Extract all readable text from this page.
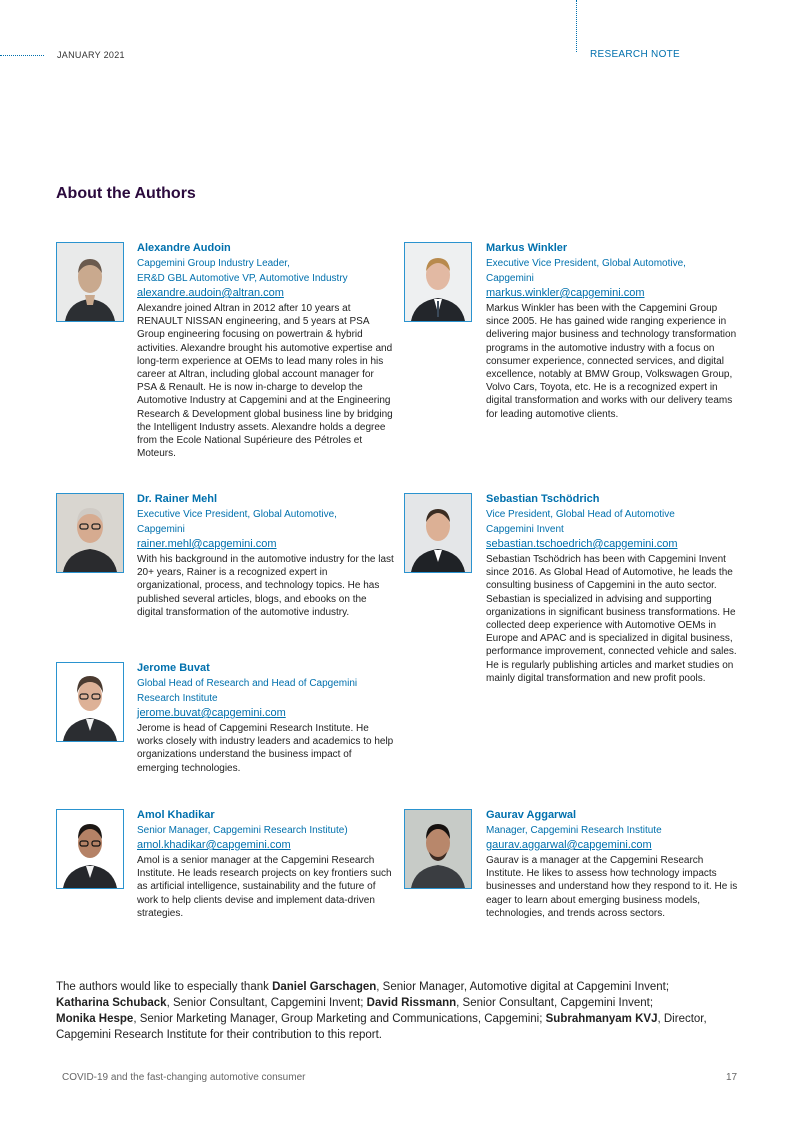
JANUARY 2021	RESEARCH NOTE
About the Authors
Alexandre Audoin
Capgemini Group Industry Leader,
ER&D GBL Automotive VP, Automotive Industry
alexandre.audoin@altran.com
Alexandre joined Altran in 2012 after 10 years at RENAULT NISSAN engineering, and 5 years at PSA Group engineering focusing on powertrain & hybrid activities. Alexandre brought his automotive expertise and long-term experience at OEMs to lead many roles in his career at Altran, including global account manager for PSA & Renault. He is now in-charge to develop the Automotive Industry at Capgemini and at the Engineering Research & Development global business line by bridging the Intelligent Industry assets. Alexandre holds a degree from the Ecole National Supérieure des Pétroles et Moteurs.
Markus Winkler
Executive Vice President, Global Automotive,
Capgemini
markus.winkler@capgemini.com
Markus Winkler has been with the Capgemini Group since 2005. He has gained wide ranging experience in delivering major business and technology transformation programs in the automotive industry with a focus on consumer experience, connected services, and digital excellence, notably at BMW Group, Volkswagen Group, Volvo Cars, Toyota, etc. He is a recognized expert in digital transformation and works with our delivery teams for leading automotive clients.
Dr. Rainer Mehl
Executive Vice President, Global Automotive,
Capgemini
rainer.mehl@capgemini.com
With his background in the automotive industry for the last 20+ years, Rainer is a recognized expert in organizational, process, and technology topics. He has published several articles, blogs, and ebooks on the digital transformation of the automotive industry.
Sebastian Tschödrich
Vice President, Global Head of Automotive
Capgemini Invent
sebastian.tschoedrich@capgemini.com
Sebastian Tschödrich has been with Capgemini Invent since 2016. As Global Head of Automotive, he leads the consulting business of Capgemini in the auto sector. Sebastian is specialized in advising and supporting organizations in significant business transformations. He collected deep experience with Automotive OEMs in Europe and APAC and is specialized in digital business, performance improvement, connected vehicle and sales. He is regularly publishing articles and market studies on mainly digital transformation and new profit pools.
Jerome Buvat
Global Head of Research and Head of Capgemini
Research Institute
jerome.buvat@capgemini.com
Jerome is head of Capgemini Research Institute. He works closely with industry leaders and academics to help organizations understand the business impact of emerging technologies.
Amol Khadikar
Senior Manager, Capgemini Research Institute)
amol.khadikar@capgemini.com
Amol is a senior manager at the Capgemini Research Institute. He leads research projects on key frontiers such as artificial intelligence, sustainability and the future of work to help clients devise and implement data-driven strategies.
Gaurav Aggarwal
Manager, Capgemini Research Institute
gaurav.aggarwal@capgemini.com
Gaurav is a manager at the Capgemini Research Institute. He likes to assess how technology impacts businesses and understand how they respond to it. He is eager to learn about emerging business models, technologies, and trends across sectors.
The authors would like to especially thank Daniel Garschagen, Senior Manager, Automotive digital at Capgemini Invent;
Katharina Schuback, Senior Consultant, Capgemini Invent; David Rissmann, Senior Consultant, Capgemini Invent;
Monika Hespe, Senior Marketing Manager, Group Marketing and Communications, Capgemini; Subrahmanyam KVJ, Director, Capgemini Research Institute for their contribution to this report.
COVID-19 and the fast-changing automotive consumer	17
